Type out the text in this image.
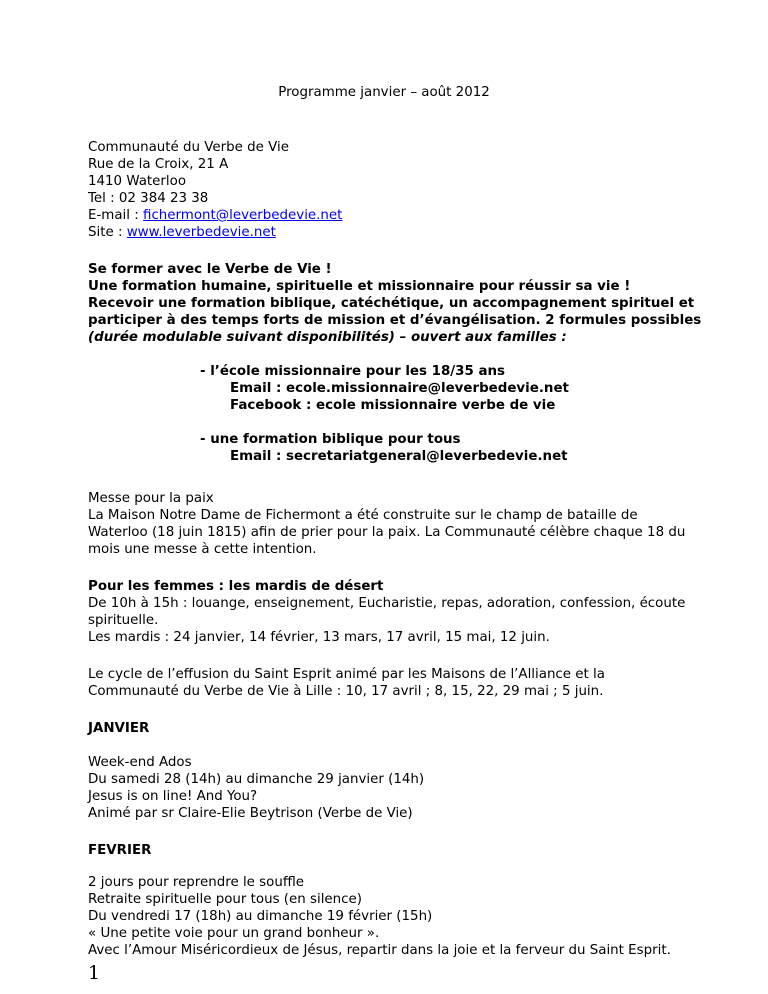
Programme janvier – août 2012
Communauté du Verbe de Vie
Rue de la Croix, 21 A
1410 Waterloo
Tel : 02 384 23 38
E-mail : fichermont@leverbedevie.net
Site : www.leverbedevie.net
Se former avec le Verbe de Vie !
Une formation humaine, spirituelle et missionnaire pour réussir sa vie !
Recevoir une formation biblique, catéchétique, un accompagnement spirituel et
participer à des temps forts de mission et d’évangélisation. 2 formules possibles
(durée modulable suivant disponibilités) – ouvert aux familles :
- l’école missionnaire pour les 18/35 ans
Email : ecole.missionnaire@leverbedevie.net
Facebook : ecole missionnaire verbe de vie
- une formation biblique pour tous
Email : secretariatgeneral@leverbedevie.net
Messe pour la paix
La Maison Notre Dame de Fichermont a été construite sur le champ de bataille de
Waterloo (18 juin 1815) afin de prier pour la paix. La Communauté célèbre chaque 18 du
mois une messe à cette intention.
Pour les femmes : les mardis de désert
De 10h à 15h : louange, enseignement, Eucharistie, repas, adoration, confession, écoute
spirituelle.
Les mardis : 24 janvier, 14 février, 13 mars, 17 avril, 15 mai, 12 juin.
Le cycle de l’effusion du Saint Esprit animé par les Maisons de l’Alliance et la
Communauté du Verbe de Vie à Lille : 10, 17 avril ; 8, 15, 22, 29 mai ; 5 juin.
JANVIER
Week-end Ados
Du samedi 28 (14h) au dimanche 29 janvier (14h)
Jesus is on line! And You?
Animé par sr Claire-Elie Beytrison (Verbe de Vie)
FEVRIER
2 jours pour reprendre le souffle
Retraite spirituelle pour tous (en silence)
Du vendredi 17 (18h) au dimanche 19 février (15h)
« Une petite voie pour un grand bonheur ».
Avec l’Amour Miséricordieux de Jésus, repartir dans la joie et la ferveur du Saint Esprit.
1
